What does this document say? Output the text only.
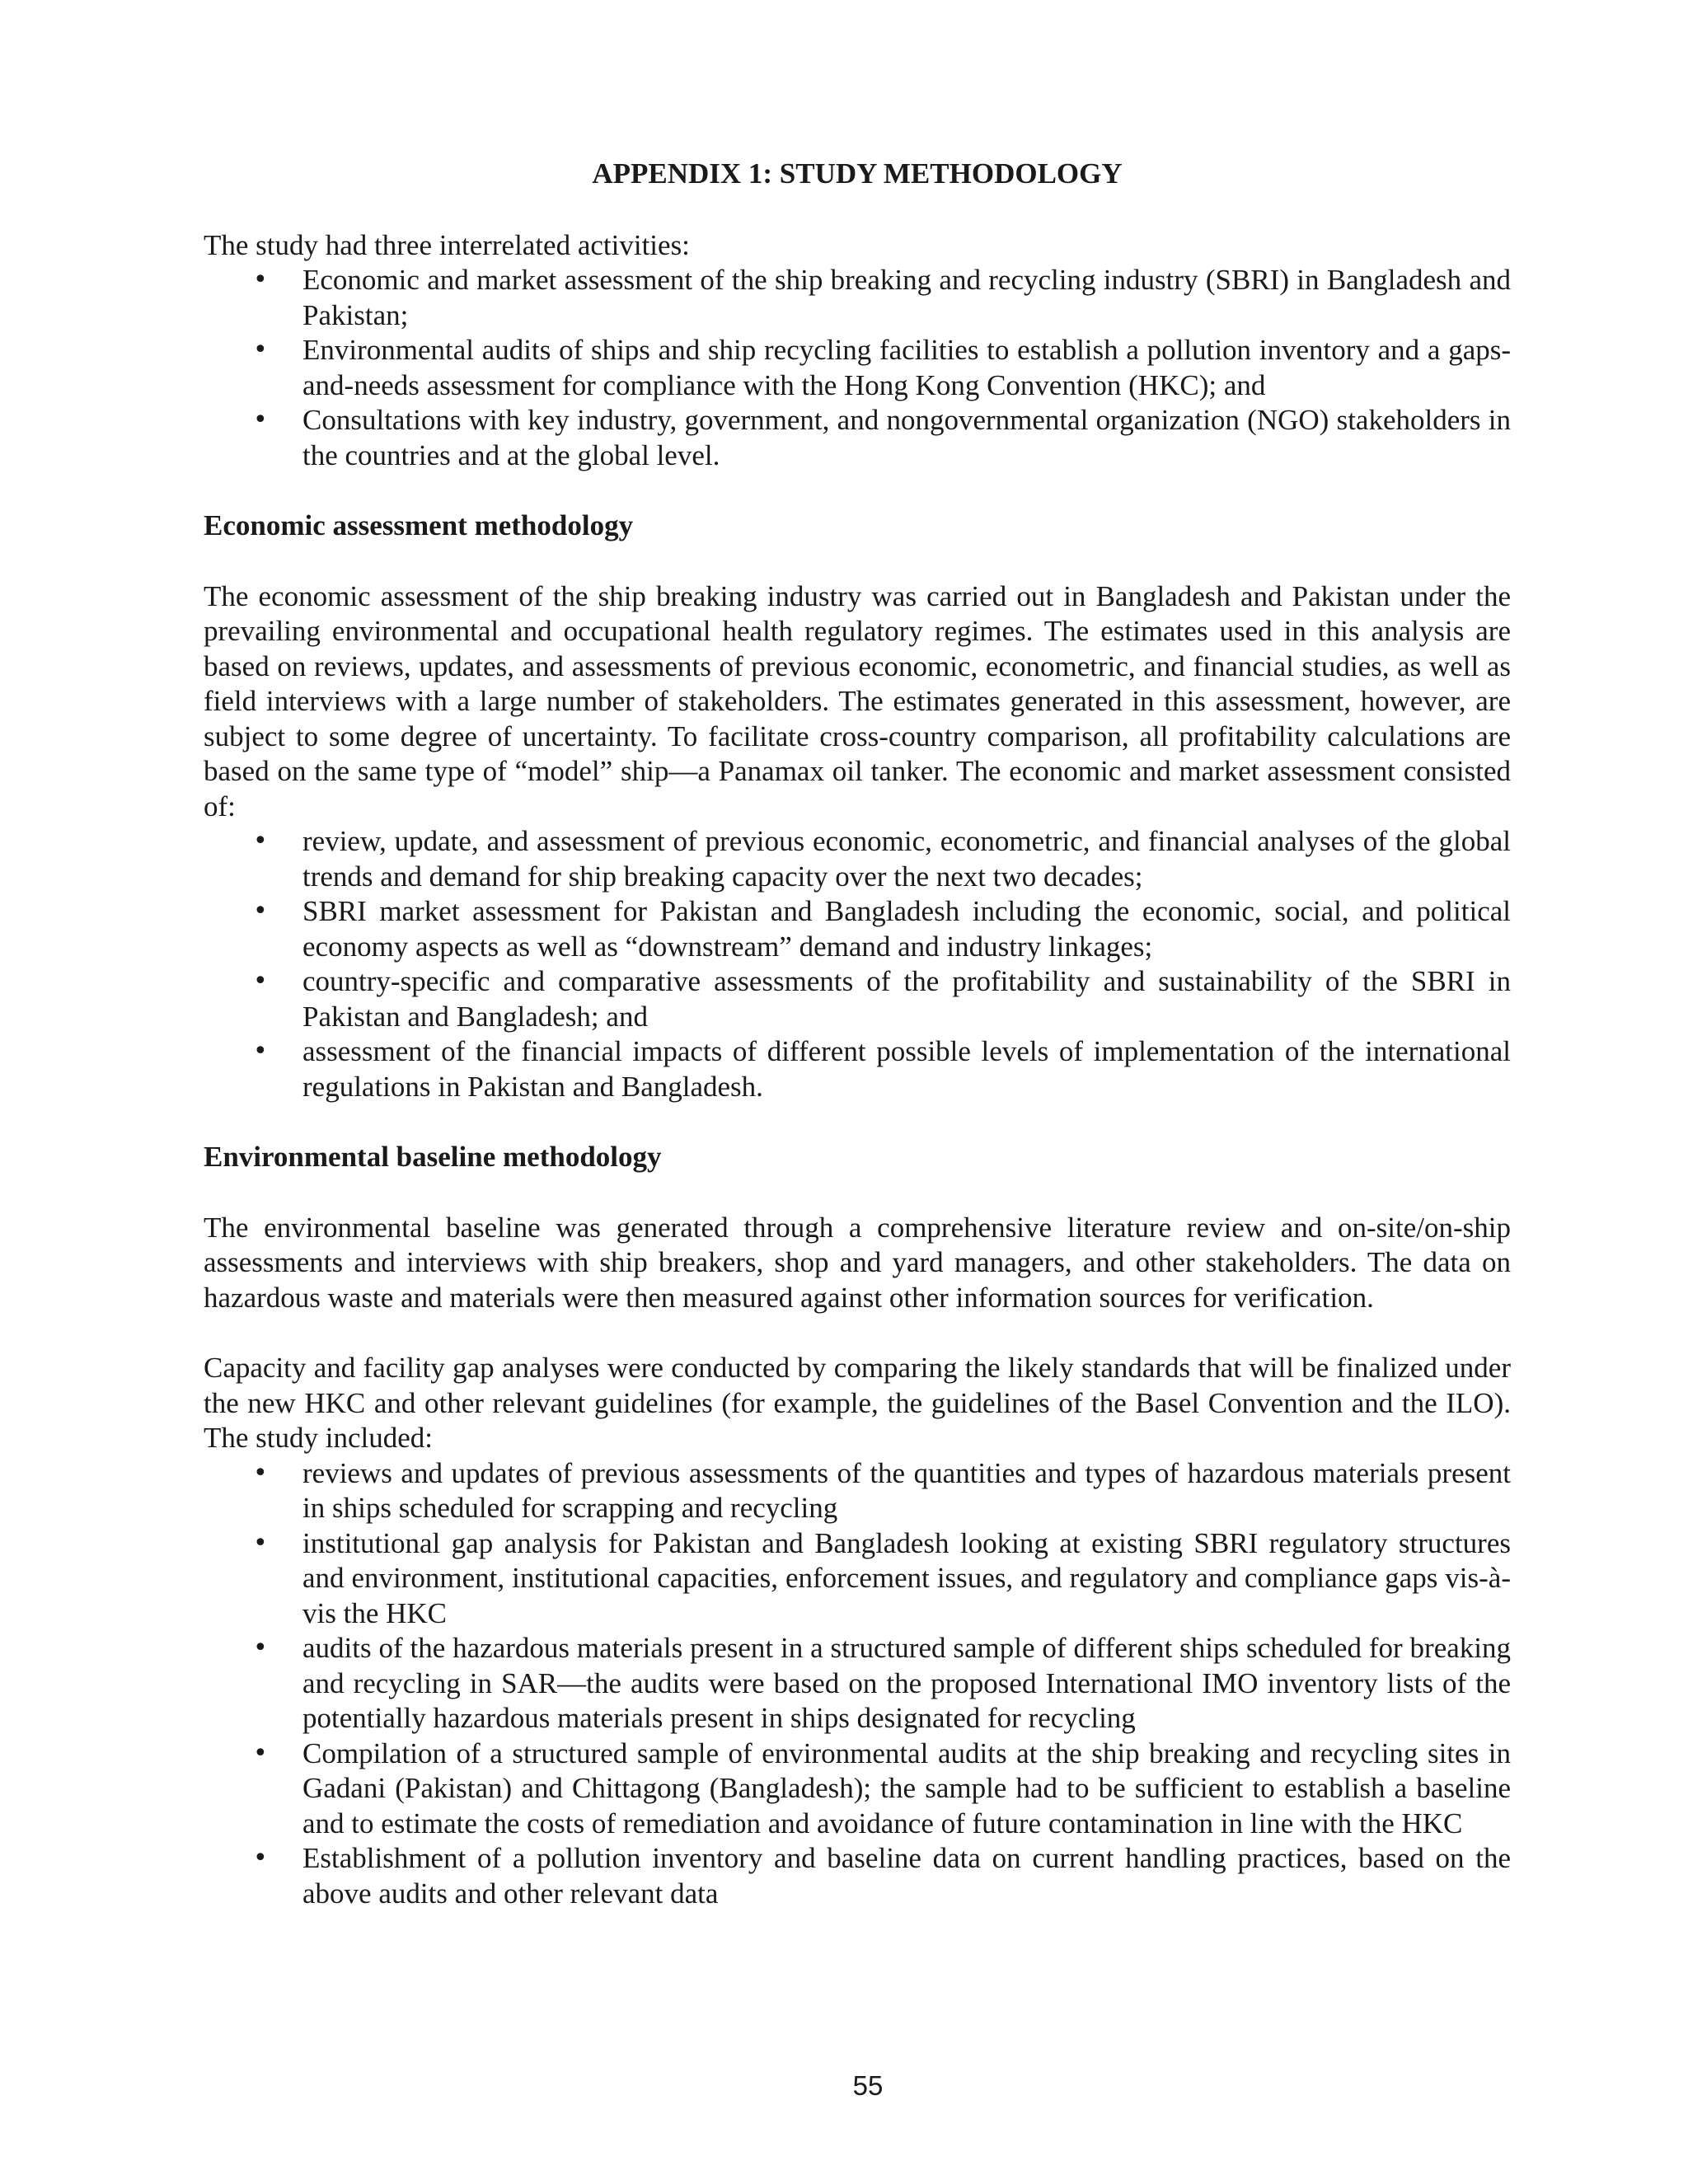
APPENDIX 1: STUDY METHODOLOGY

The study had three interrelated activities:

• Economic and market assessment of the ship breaking and recycling industry (SBRI) in Bangladesh and Pakistan;
• Environmental audits of ships and ship recycling facilities to establish a pollution inventory and a gaps-and-needs assessment for compliance with the Hong Kong Convention (HKC); and
• Consultations with key industry, government, and nongovernmental organization (NGO) stakeholders in the countries and at the global level.
Economic assessment methodology

The economic assessment of the ship breaking industry was carried out in Bangladesh and Pakistan under the prevailing environmental and occupational health regulatory regimes. The estimates used in this analysis are based on reviews, updates, and assessments of previous economic, econometric, and financial studies, as well as field interviews with a large number of stakeholders. The estimates generated in this assessment, however, are subject to some degree of uncertainty. To facilitate cross-country comparison, all profitability calculations are based on the same type of “model” ship—a Panamax oil tanker. The economic and market assessment consisted of:

• review, update, and assessment of previous economic, econometric, and financial analyses of the global trends and demand for ship breaking capacity over the next two decades;
• SBRI market assessment for Pakistan and Bangladesh including the economic, social, and political economy aspects as well as “downstream” demand and industry linkages;
• country-specific and comparative assessments of the profitability and sustainability of the SBRI in Pakistan and Bangladesh; and
• assessment of the financial impacts of different possible levels of implementation of the international regulations in Pakistan and Bangladesh.
Environmental baseline methodology

The environmental baseline was generated through a comprehensive literature review and on-site/on-ship assessments and interviews with ship breakers, shop and yard managers, and other stakeholders. The data on hazardous waste and materials were then measured against other information sources for verification.

Capacity and facility gap analyses were conducted by comparing the likely standards that will be finalized under the new HKC and other relevant guidelines (for example, the guidelines of the Basel Convention and the ILO). The study included:

• reviews and updates of previous assessments of the quantities and types of hazardous materials present in ships scheduled for scrapping and recycling
• institutional gap analysis for Pakistan and Bangladesh looking at existing SBRI regulatory structures and environment, institutional capacities, enforcement issues, and regulatory and compliance gaps vis-à-vis the HKC
• audits of the hazardous materials present in a structured sample of different ships scheduled for breaking and recycling in SAR—the audits were based on the proposed International IMO inventory lists of the potentially hazardous materials present in ships designated for recycling
• Compilation of a structured sample of environmental audits at the ship breaking and recycling sites in Gadani (Pakistan) and Chittagong (Bangladesh); the sample had to be sufficient to establish a baseline and to estimate the costs of remediation and avoidance of future contamination in line with the HKC
• Establishment of a pollution inventory and baseline data on current handling practices, based on the above audits and other relevant data
55
